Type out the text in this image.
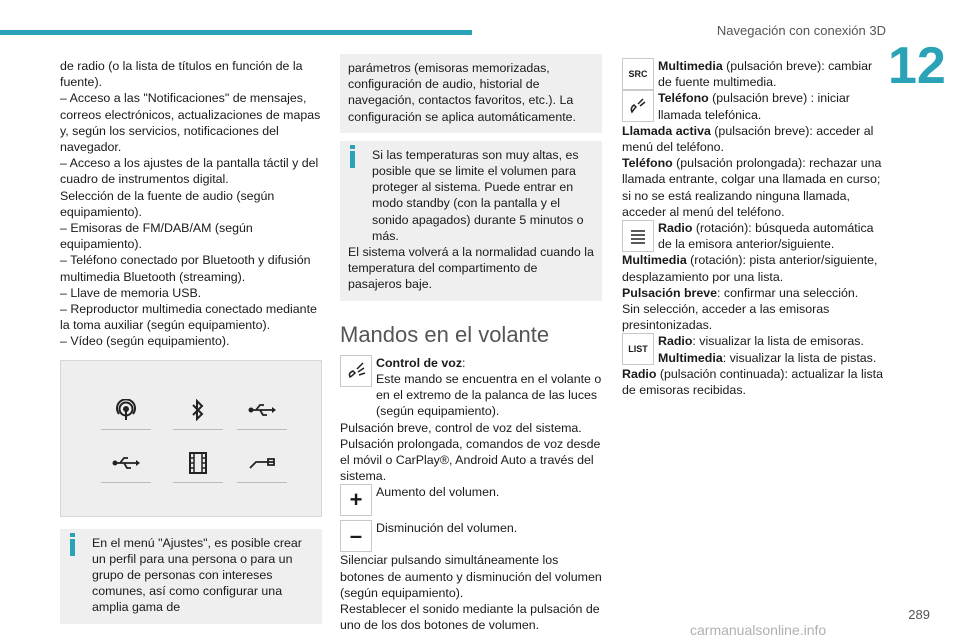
Navegación con conexión 3D
12

de radio (o la lista de títulos en función de la fuente).

– Acceso a las "Notificaciones" de mensajes, correos electrónicos, actualizaciones de mapas y, según los servicios, notificaciones del navegador.

– Acceso a los ajustes de la pantalla táctil y del cuadro de instrumentos digital.

Selección de la fuente de audio (según equipamiento).

– Emisoras de FM/DAB/AM (según equipamiento).

– Teléfono conectado por Bluetooth y difusión multimedia Bluetooth (streaming).

– Llave de memoria USB.

– Reproductor multimedia conectado mediante la toma auxiliar (según equipamiento).

– Vídeo (según equipamiento).

En el menú "Ajustes", es posible crear un perfil para una persona o para un grupo de personas con intereses comunes, así como configurar una amplia gama de

parámetros (emisoras memorizadas, configuración de audio, historial de navegación, contactos favoritos, etc.). La configuración se aplica automáticamente.

Si las temperaturas son muy altas, es posible que se limite el volumen para proteger al sistema. Puede entrar en modo standby (con la pantalla y el sonido apagados) durante 5 minutos o más.

El sistema volverá a la normalidad cuando la temperatura del compartimento de pasajeros baje.

Mandos en el volante

Control de voz:

Este mando se encuentra en el volante o en el extremo de la palanca de las luces (según equipamiento).

Pulsación breve, control de voz del sistema.

Pulsación prolongada, comandos de voz desde el móvil o CarPlay®, Android Auto a través del sistema.

+ Aumento del volumen.

– Disminución del volumen.

Silenciar pulsando simultáneamente los botones de aumento y disminución del volumen (según equipamiento).

Restablecer el sonido mediante la pulsación de uno de los dos botones de volumen.

SRC

Multimedia (pulsación breve): cambiar de fuente multimedia.

Teléfono (pulsación breve) : iniciar llamada telefónica.

Llamada activa (pulsación breve): acceder al menú del teléfono.

Teléfono (pulsación prolongada): rechazar una llamada entrante, colgar una llamada en curso; si no se está realizando ninguna llamada, acceder al menú del teléfono.

Radio (rotación): búsqueda automática de la emisora anterior/siguiente.

Multimedia (rotación): pista anterior/siguiente, desplazamiento por una lista.

Pulsación breve: confirmar una selección.

Sin selección, acceder a las emisoras presintonizadas.

LIST

Radio: visualizar la lista de emisoras.

Multimedia: visualizar la lista de pistas.

Radio (pulsación continuada): actualizar la lista de emisoras recibidas.

289
carmanualsonline.info
